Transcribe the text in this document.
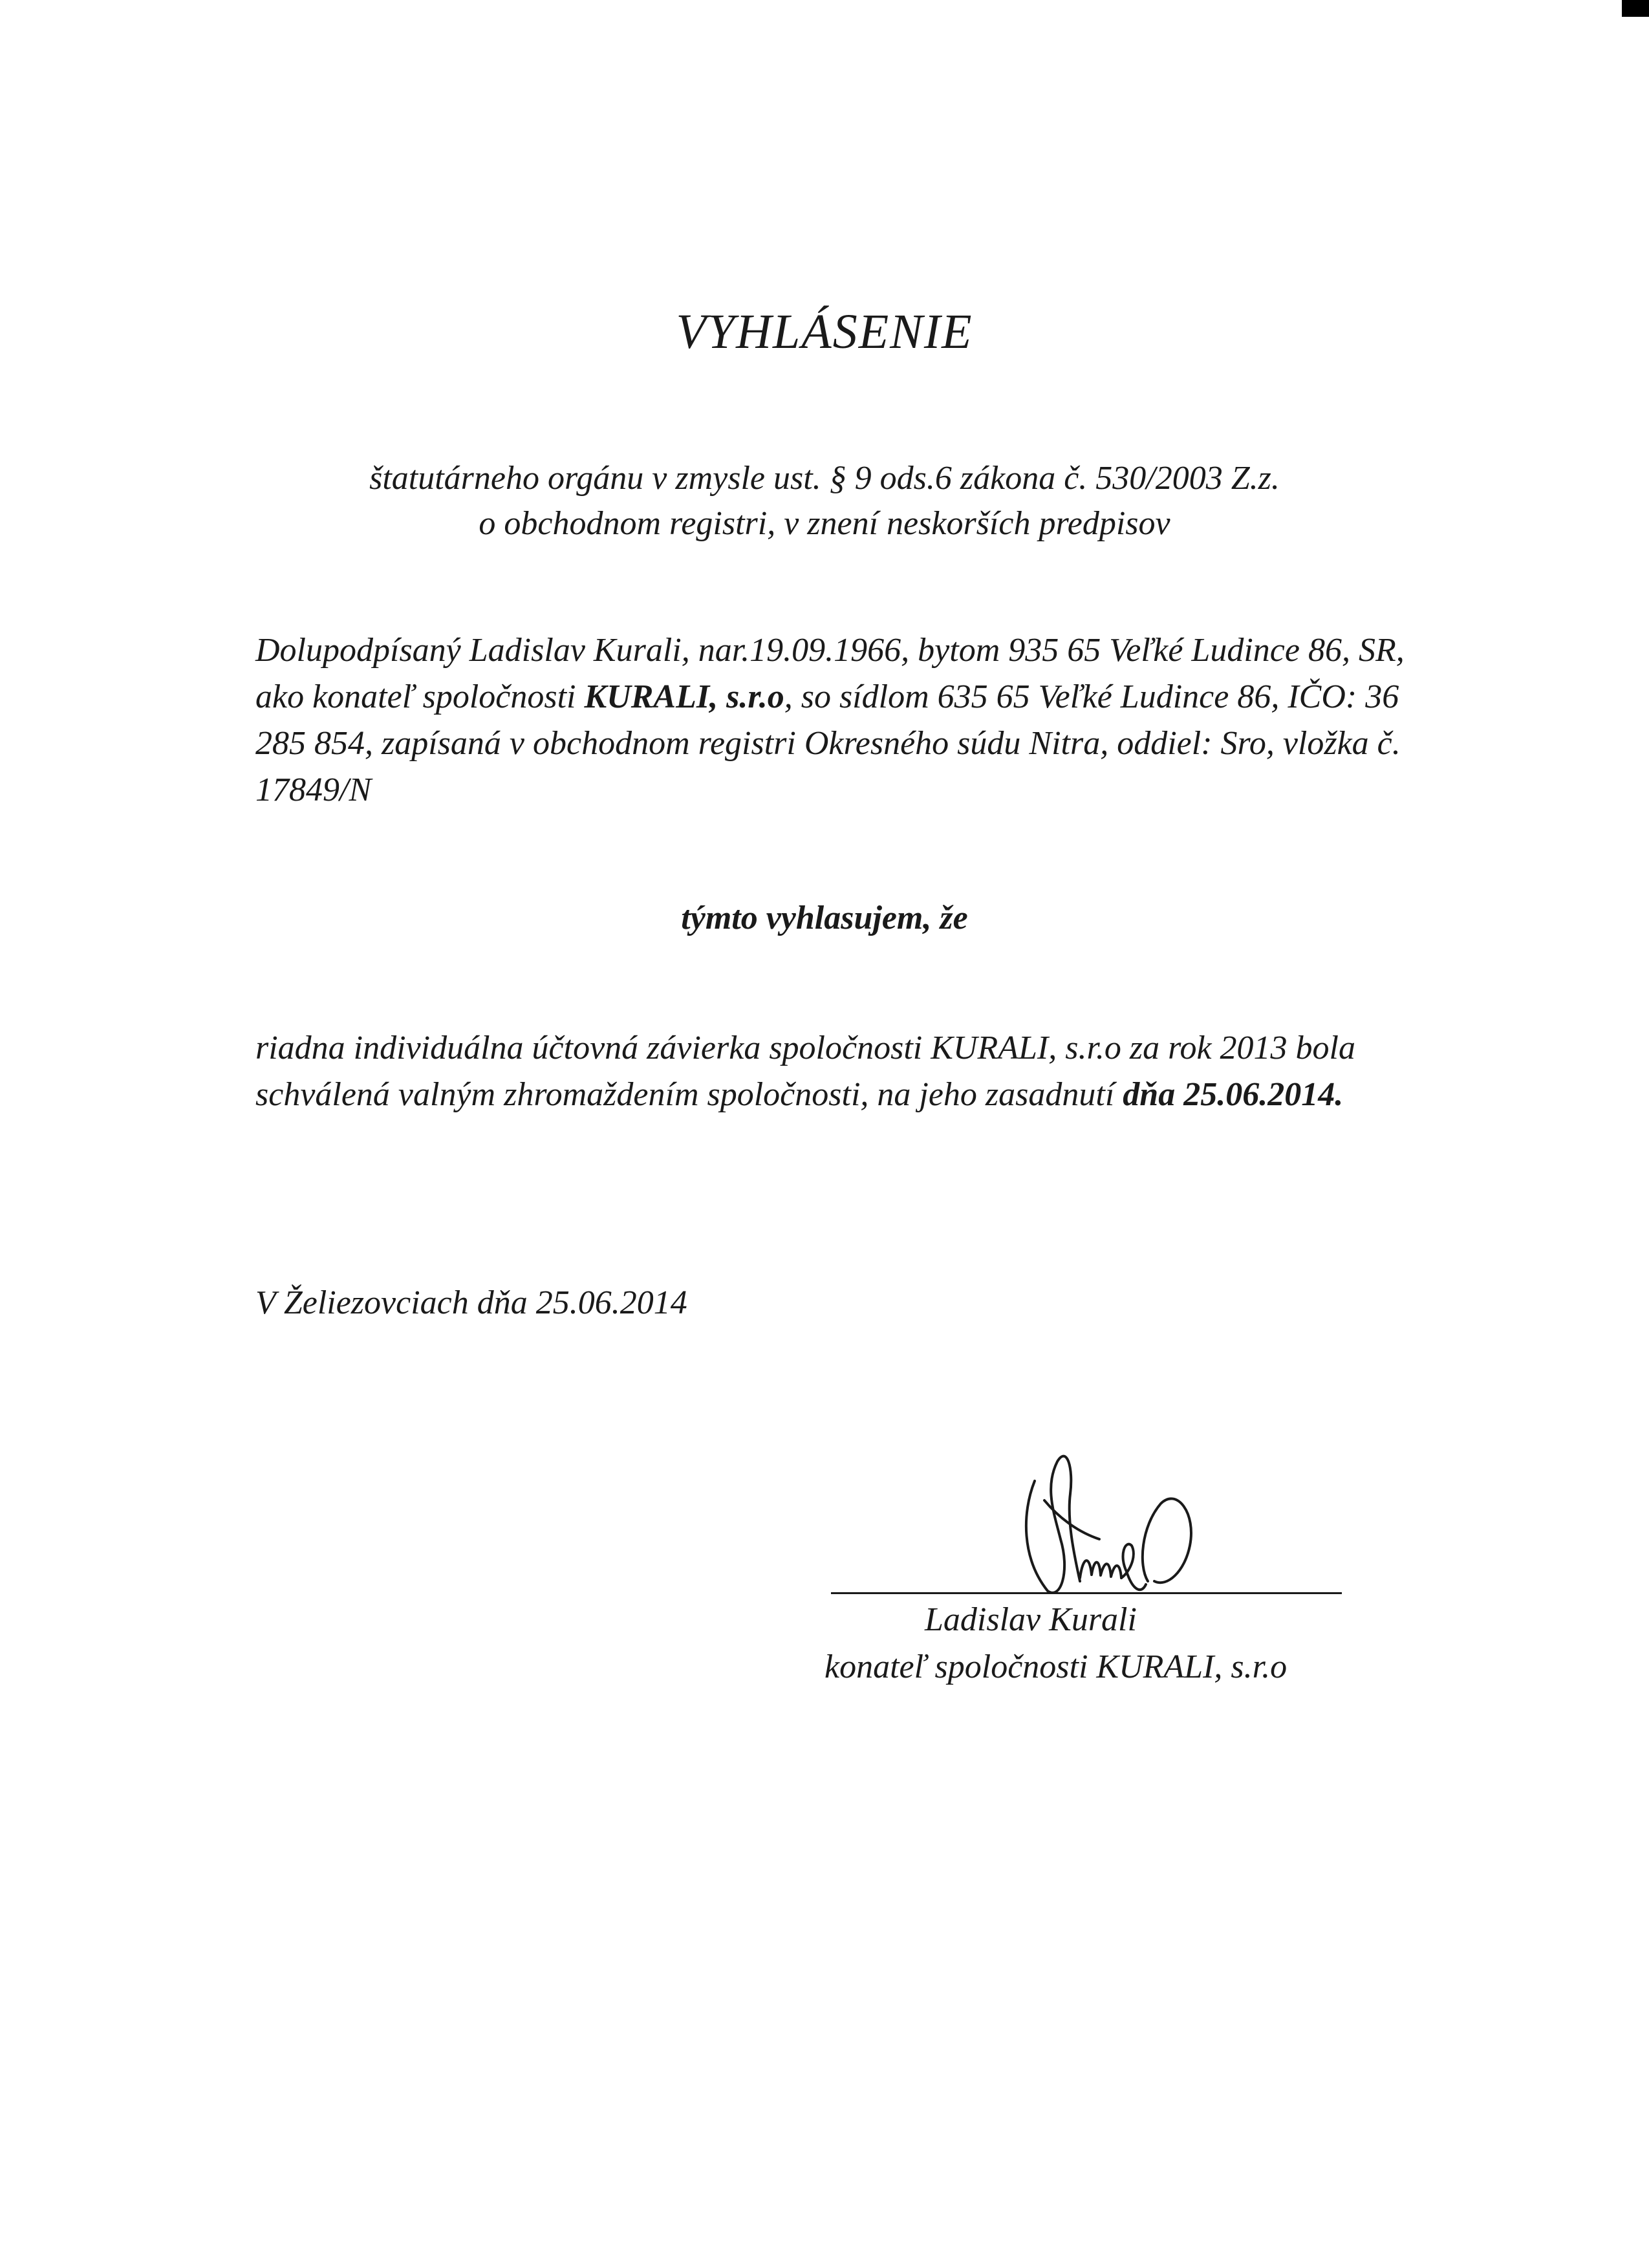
VYHLÁSENIE
štatutárneho orgánu v zmysle ust. § 9 ods.6 zákona č. 530/2003 Z.z.
o obchodnom registri, v znení neskorších predpisov
Dolupodpísaný Ladislav Kurali, nar.19.09.1966, bytom 935 65 Veľké Ludince 86, SR, ako konateľ spoločnosti KURALI, s.r.o, so sídlom 635 65 Veľké Ludince 86, IČO: 36 285 854, zapísaná v obchodnom registri Okresného súdu Nitra, oddiel: Sro, vložka č. 17849/N
týmto vyhlasujem, že
riadna individuálna účtovná závierka spoločnosti KURALI, s.r.o za rok 2013 bola schválená valným zhromaždením spoločnosti, na jeho zasadnutí dňa 25.06.2014.
V Želiezovciach dňa 25.06.2014
Ladislav Kurali
konateľ spoločnosti KURALI, s.r.o
